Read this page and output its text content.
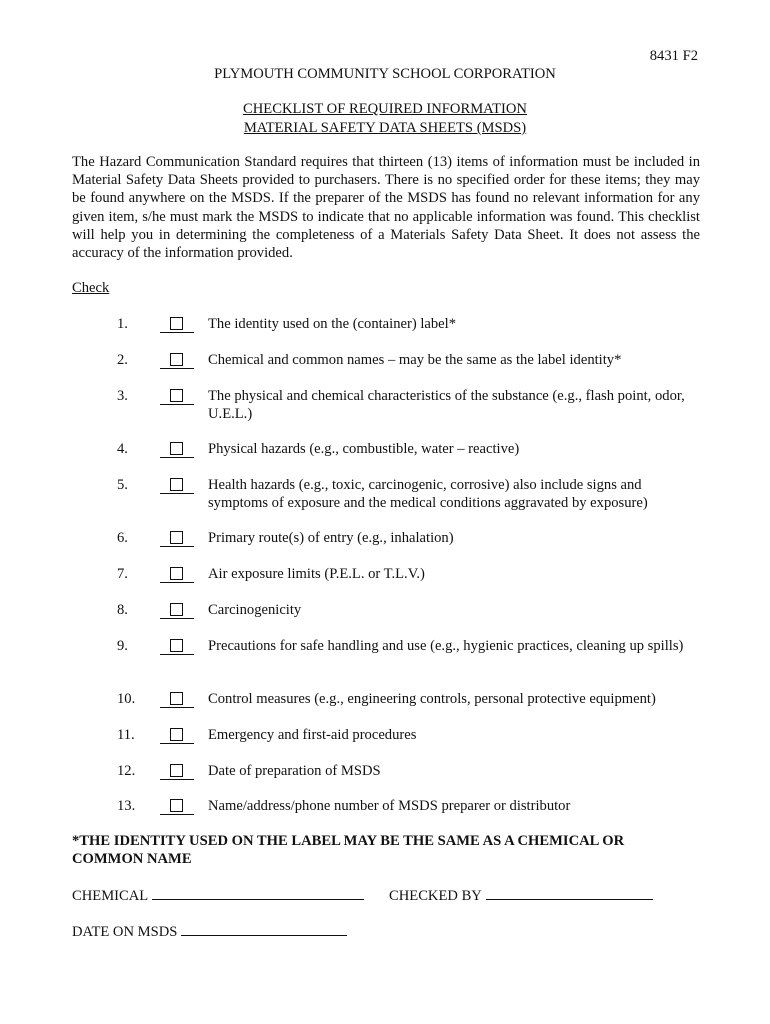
8431 F2
PLYMOUTH COMMUNITY SCHOOL CORPORATION
CHECKLIST OF REQUIRED INFORMATION
MATERIAL SAFETY DATA SHEETS (MSDS)
The Hazard Communication Standard requires that thirteen (13) items of information must be included in Material Safety Data Sheets provided to purchasers. There is no specified order for these items; they may be found anywhere on the MSDS. If the preparer of the MSDS has found no relevant information for any given item, s/he must mark the MSDS to indicate that no applicable information was found. This checklist will help you in determining the completeness of a Materials Safety Data Sheet. It does not assess the accuracy of the information provided.
Check
1.	The identity used on the (container) label*
2.	Chemical and common names – may be the same as the label identity*
3.	The physical and chemical characteristics of the substance (e.g., flash point, odor, U.E.L.)
4.	Physical hazards (e.g., combustible, water – reactive)
5.	Health hazards (e.g., toxic, carcinogenic, corrosive) also include signs and symptoms of exposure and the medical conditions aggravated by exposure)
6.	Primary route(s) of entry (e.g., inhalation)
7.	Air exposure limits (P.E.L. or T.L.V.)
8.	Carcinogenicity
9.	Precautions for safe handling and use (e.g., hygienic practices, cleaning up spills)
10.	Control measures (e.g., engineering controls, personal protective equipment)
11.	Emergency and first-aid procedures
12.	Date of preparation of MSDS
13.	Name/address/phone number of MSDS preparer or distributor
*THE IDENTITY USED ON THE LABEL MAY BE THE SAME AS A CHEMICAL OR COMMON NAME
CHEMICAL	CHECKED BY
DATE ON MSDS
